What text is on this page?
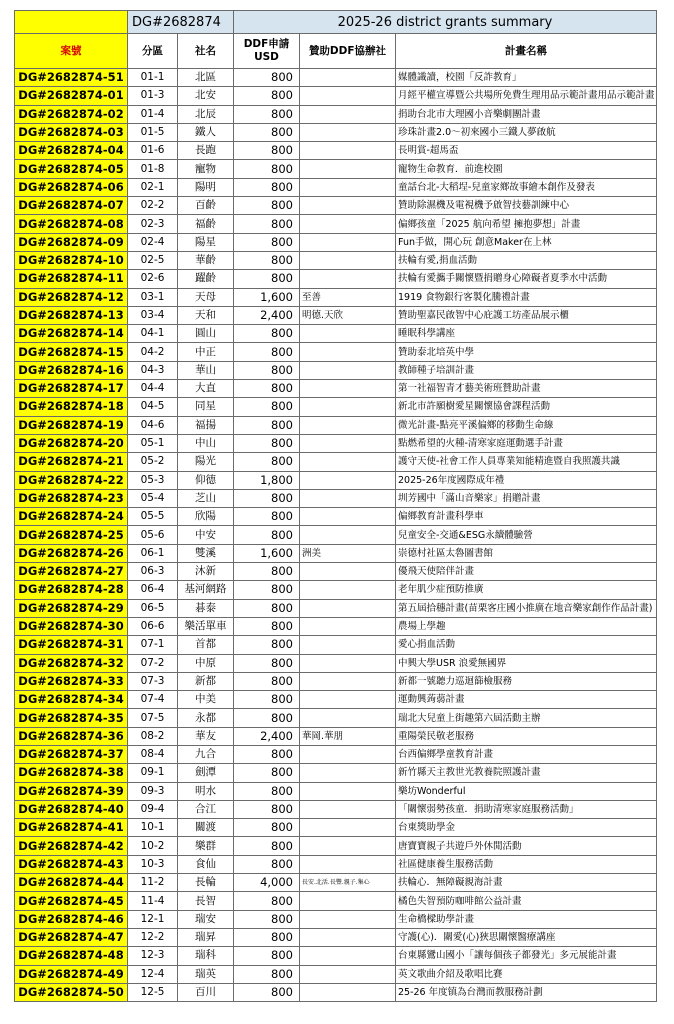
	DG#2682874		2025-26 district grants summary		
案號	分區	社名	DDF申請 USD	贊助DDF協辦社	計畫名稱
DG#2682874-51	01-1	北區	800		媒體識讀，校園「反詐教育」
DG#2682874-01	01-3	北安	800		月經平權宣導暨公共場所免費生理用品示範計畫用品示範計畫
DG#2682874-02	01-4	北辰	800		捐助台北市大理國小音樂劇團計畫
DG#2682874-03	01-5	鐵人	800		珍珠計畫2.0～初來國小三鐵人夢啟航
DG#2682874-04	01-6	長跑	800		長明賞-超馬盃
DG#2682874-05	01-8	寵物	800		寵物生命教育．前進校園
DG#2682874-06	02-1	陽明	800		童話台北-大稻埕-兒童家鄉故事繪本創作及發表
DG#2682874-07	02-2	百齡	800		贊助除濕機及電視機予啟智技藝訓練中心
DG#2682874-08	02-3	福齡	800		偏鄉孩童「2025 航向希望 擁抱夢想」計畫
DG#2682874-09	02-4	陽星	800		Fun手做，開心玩 創意Maker在上林
DG#2682874-10	02-5	華齡	800		扶輪有愛,捐血活動
DG#2682874-11	02-6	躍齡	800		扶輪有愛攜手關懷暨捐贈身心障礙者夏季水中活動
DG#2682874-12	03-1	天母	1,600	至善	1919 食物銀行客製化騰禮計畫
DG#2682874-13	03-4	天和	2,400	明德.天欣	贊助聖嘉民啟智中心庇護工坊產品展示櫃
DG#2682874-14	04-1	圓山	800		睡眠科學講座
DG#2682874-15	04-2	中正	800		贊助泰北培英中學
DG#2682874-16	04-3	華山	800		教師種子培訓計畫
DG#2682874-17	04-4	大直	800		第一社福智青才藝美術班贊助計畫
DG#2682874-18	04-5	同星	800		新北市許願樹愛星關懷協會課程活動
DG#2682874-19	04-6	福揚	800		微光計畫-點亮平溪偏鄉的移動生命線
DG#2682874-20	05-1	中山	800		點燃希望的火種-清寒家庭運動選手計畫
DG#2682874-21	05-2	陽光	800		護守天使-社會工作人員專業知能精進暨自我照護共識
DG#2682874-22	05-3	仰德	1,800		2025-26年度國際成年禮
DG#2682874-23	05-4	芝山	800		圳芳國中「滿山音樂家」捐贈計畫
DG#2682874-24	05-5	欣陽	800		偏鄉教育計畫科學車
DG#2682874-25	05-6	中安	800		兒童安全-交通&ESG永續體驗營
DG#2682874-26	06-1	雙溪	1,600	洲美	崇德村社區太魯圖書館
DG#2682874-27	06-3	沐新	800		優飛天使陪伴計畫
DG#2682874-28	06-4	基河網路	800		老年肌少症預防推廣
DG#2682874-29	06-5	碁泰	800		第五屆拾穗計畫(苗栗客庄國小推廣在地音樂家創作作品計畫)
DG#2682874-30	06-6	樂活單車	800		農場上學趣
DG#2682874-31	07-1	首都	800		愛心捐血活動
DG#2682874-32	07-2	中原	800		中興大學USR 浪愛無國界
DG#2682874-33	07-3	新都	800		新都一號聽力巡迴篩檢服務
DG#2682874-34	07-4	中美	800		運動興蒟蒻計畫
DG#2682874-35	07-5	永都	800		瑞北大兒童上街趣第六屆活動主辦
DG#2682874-36	08-2	華友	2,400	華岡.華朋	重陽榮民敬老服務
DG#2682874-37	08-4	九合	800		台西偏鄉學童教育計畫
DG#2682874-38	09-1	劍潭	800		新竹縣天主教世光教養院照護計畫
DG#2682874-39	09-3	明水	800		樂坊Wonderful
DG#2682874-40	09-4	合江	800		「關懷弱勢孩童．捐助清寒家庭服務活動」
DG#2682874-41	10-1	關渡	800		台東獎助學金
DG#2682874-42	10-2	樂群	800		唐寶寶親子共遊戶外休閒活動
DG#2682874-43	10-3	食仙	800		社區健康養生服務活動
DG#2682874-44	11-2	長輪	4,000	長安.北活.長豐.親子.集心	扶輪心．無障礙親海計畫
DG#2682874-45	11-4	長智	800		橘色失智預防咖啡館公益計畫
DG#2682874-46	12-1	瑞安	800		生命橋樑助學計畫
DG#2682874-47	12-2	瑞昇	800		守護(心)．關愛(心)狹思關懷醫療講座
DG#2682874-48	12-3	瑞科	800		台東縣鸞山國小「讓每個孩子都發光」多元展能計畫
DG#2682874-49	12-4	瑞英	800		英文歌曲介紹及歌唱比賽
DG#2682874-50	12-5	百川	800		25-26 年度镇為台灣而教服務計劃
